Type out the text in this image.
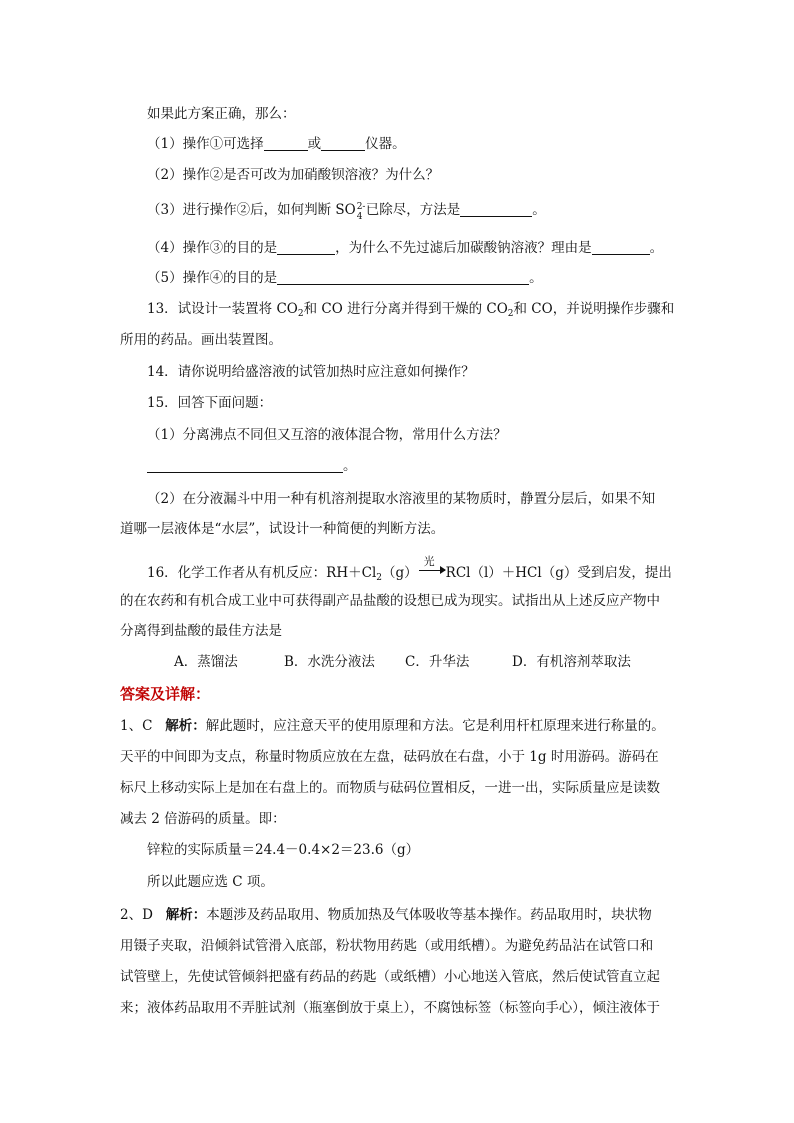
如果此方案正确，那么：
（1）操作①可选择	或	仪器。
（2）操作②是否可改为加硝酸钡溶液？为什么？
（3）进行操作②后，如何判断 SO 2-
4 已除尽，方法是	。
（4）操作③的目的是	，为什么不先过滤后加碳酸钠溶液？理由是	。
（5）操作④的目的是	。
13．试设计一装置将 $CO_2$和 CO 进行分离并得到干燥的 $CO_2$和 CO，并说明操作步骤和
所用的药品。画出装置图。
14．请你说明给盛溶液的试管加热时应注意如何操作？
15．回答下面问题：
（1）分离沸点不同但又互溶的液体混合物，常用什么方法？
。
（2）在分液漏斗中用一种有机溶剂提取水溶液里的某物质时，静置分层后，如果不知
道哪一层液体是“水层”，试设计一种简便的判断方法。
16．化学工作者从有机反应：$RH+Cl_2(g)$
光
RCl（l）＋HCl（g）受到启发，提出
的在农药和有机合成工业中可获得副产品盐酸的设想已成为现实。试指出从上述反应产物中
分离得到盐酸的最佳方法是
A．蒸馏法	B．水洗分液法 C．升华法	D．有机溶剂萃取法
答案及详解：
1、C 解析：解此题时，应注意天平的使用原理和方法。它是利用杆杠原理来进行称量的。
天平的中间即为支点，称量时物质应放在左盘，砝码放在右盘，小于 1g 时用游码。游码在
标尺上移动实际上是加在右盘上的。而物质与砝码位置相反，一进一出，实际质量应是读数
减去 2 倍游码的质量。即：
锌粒的实际质量＝24.4－0.4×2＝23.6（g）
所以此题应选 C 项。
2、D 解析：本题涉及药品取用、物质加热及气体吸收等基本操作。药品取用时，块状物
用镊子夹取，沿倾斜试管滑入底部，粉状物用药匙（或用纸槽）。为避免药品沾在试管口和
试管壁上，先使试管倾斜把盛有药品的药匙（或纸槽）小心地送入管底，然后使试管直立起
来；液体药品取用不弄脏试剂（瓶塞倒放于桌上），不腐蚀标签（标签向手心），倾注液体于
